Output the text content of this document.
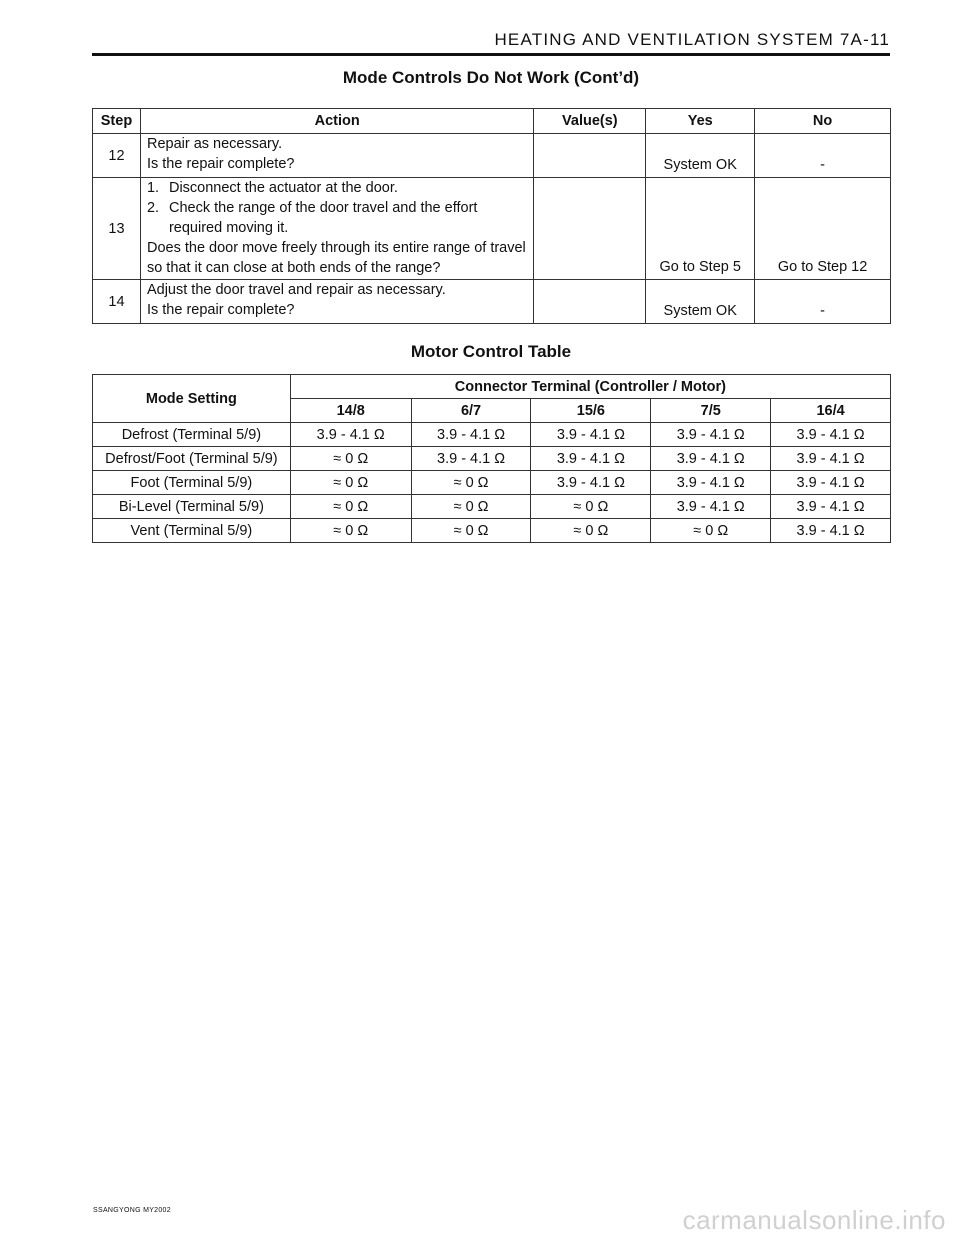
HEATING AND VENTILATION SYSTEM 7A-11
Mode Controls Do Not Work (Cont’d)
Step	Action	Value(s)	Yes	No
12	Repair as necessary.
Is the repair complete?		System OK	-
13	1. Disconnect the actuator at the door.
2. Check the range of the door travel and the effort required moving it.
Does the door move freely through its entire range of travel so that it can close at both ends of the range?		Go to Step 5	Go to Step 12
14	Adjust the door travel and repair as necessary.
Is the repair complete?		System OK	-
Motor Control Table
Mode Setting	Connector Terminal (Controller / Motor)				
	14/8	6/7	15/6	7/5	16/4
Defrost (Terminal 5/9)	3.9 - 4.1 Ω	3.9 - 4.1 Ω	3.9 - 4.1 Ω	3.9 - 4.1 Ω	3.9 - 4.1 Ω
Defrost/Foot (Terminal 5/9)	≈ 0 Ω	3.9 - 4.1 Ω	3.9 - 4.1 Ω	3.9 - 4.1 Ω	3.9 - 4.1 Ω
Foot (Terminal 5/9)	≈ 0 Ω	≈ 0 Ω	3.9 - 4.1 Ω	3.9 - 4.1 Ω	3.9 - 4.1 Ω
Bi-Level (Terminal 5/9)	≈ 0 Ω	≈ 0 Ω	≈ 0 Ω	3.9 - 4.1 Ω	3.9 - 4.1 Ω
Vent (Terminal 5/9)	≈ 0 Ω	≈ 0 Ω	≈ 0 Ω	≈ 0 Ω	3.9 - 4.1 Ω
SSANGYONG MY2002	carmanualsonline.info
